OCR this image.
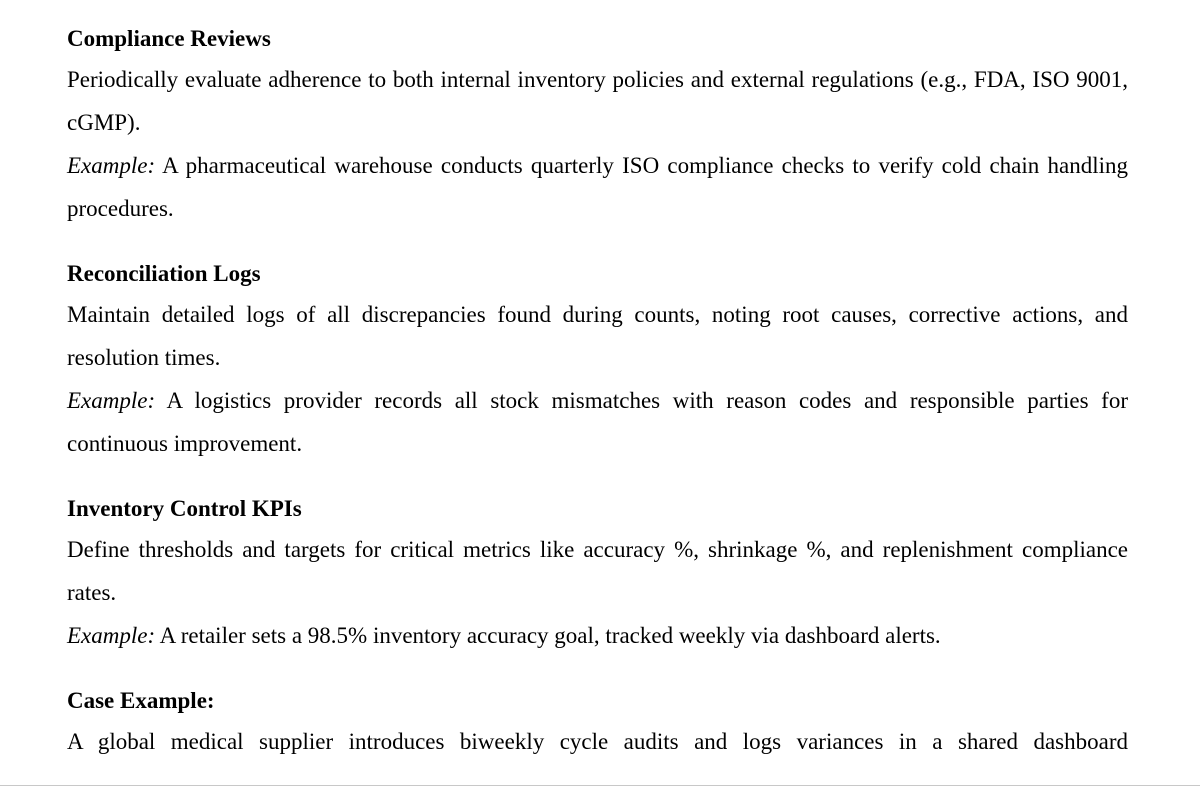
Compliance Reviews

Periodically evaluate adherence to both internal inventory policies and external regulations (e.g., FDA, ISO 9001, cGMP).

Example: A pharmaceutical warehouse conducts quarterly ISO compliance checks to verify cold chain handling procedures.

Reconciliation Logs

Maintain detailed logs of all discrepancies found during counts, noting root causes, corrective actions, and resolution times.

Example: A logistics provider records all stock mismatches with reason codes and responsible parties for continuous improvement.

Inventory Control KPIs

Define thresholds and targets for critical metrics like accuracy %, shrinkage %, and replenishment compliance rates.

Example: A retailer sets a 98.5% inventory accuracy goal, tracked weekly via dashboard alerts.

Case Example:

A global medical supplier introduces biweekly cycle audits and logs variances in a shared dashboard
